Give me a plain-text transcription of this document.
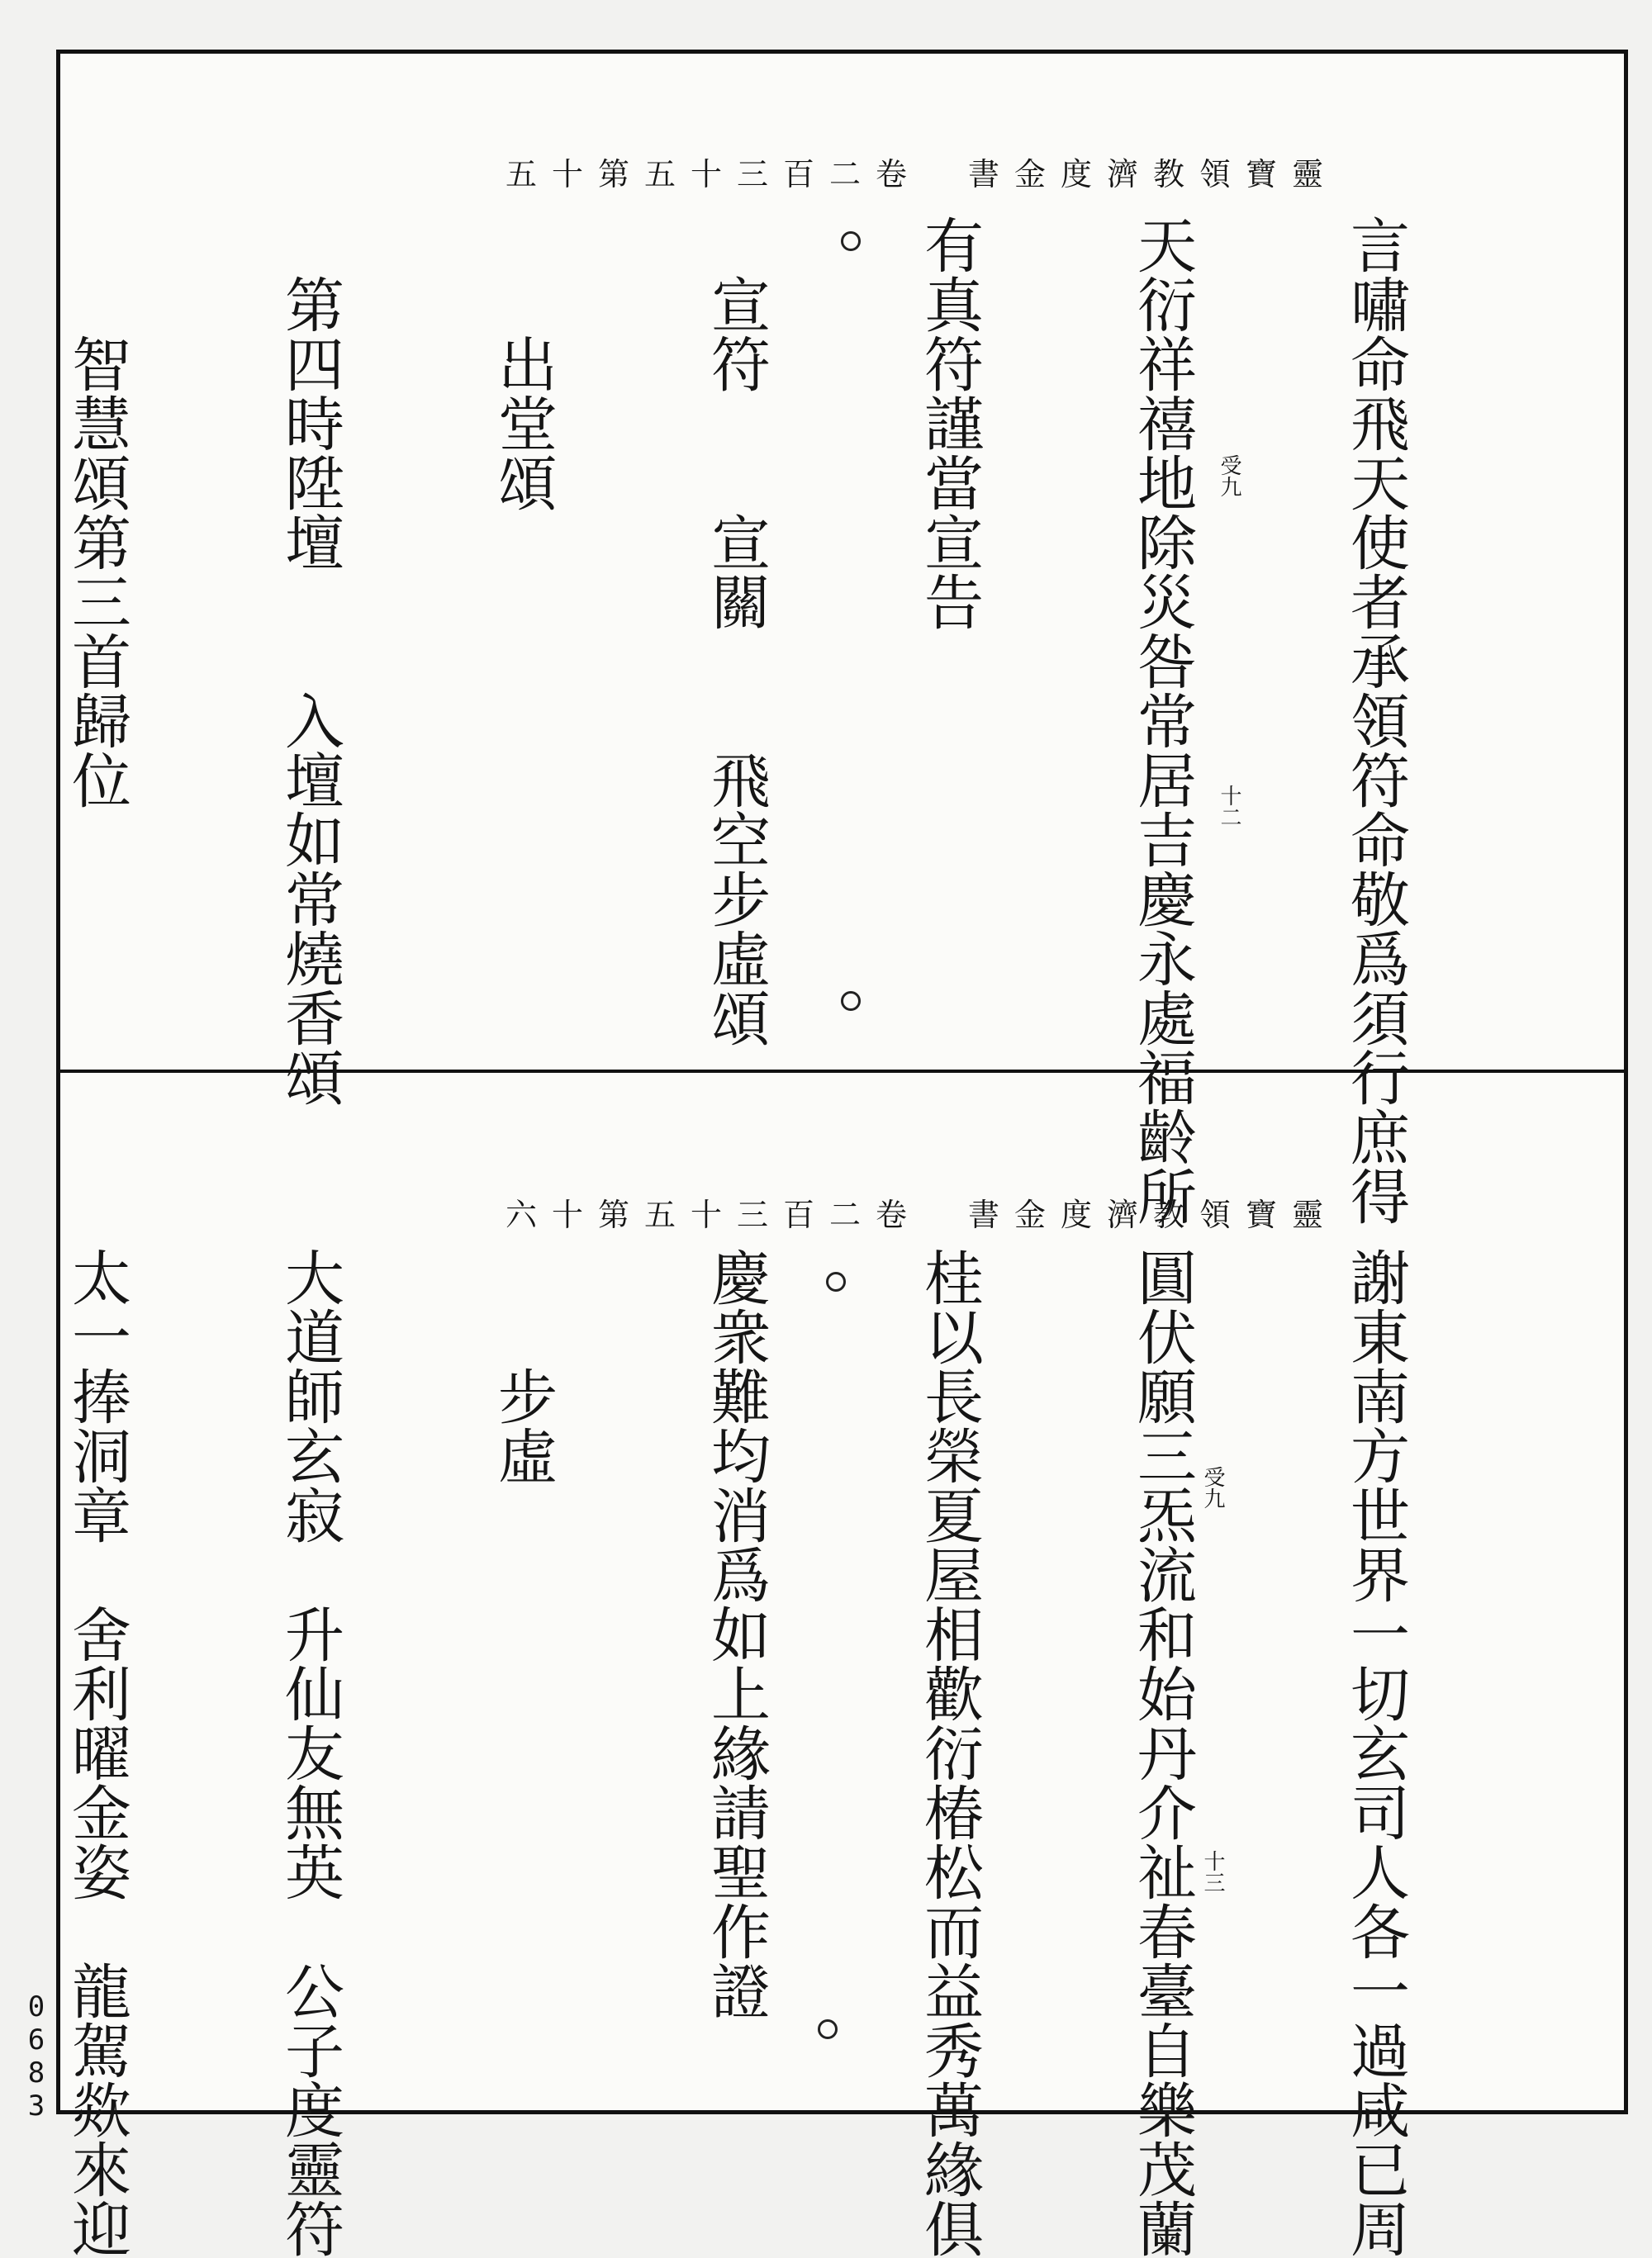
靈寶領教濟度金書　卷二百三十五第十五

言嘯命飛天使者承領符命敬爲須行庶得

天衍祥禧地除災咎常居吉慶永處福齡所

有真符謹當宣告

　宣符　　宣關　　飛空步虛頌

　　出堂頌

　第四時陞壇　　入壇如常燒香頌

　　智慧頌第三首歸位

	受九
十二
靈寶領教濟度金書　卷二百三十五第十六

謝東南方世界一切玄司人各一過咸已周

圓伏願三炁流和始丹介祉春臺自樂茂蘭

桂以長榮夏屋相歡衍椿松而益秀萬緣俱

慶衆難均消爲如上緣請聖作證

　　步虛

大道師玄寂　升仙友無英　公子度靈符

太一捧洞章　舍利曜金姿　龍駕欻來迎

	受九
十三
0683
